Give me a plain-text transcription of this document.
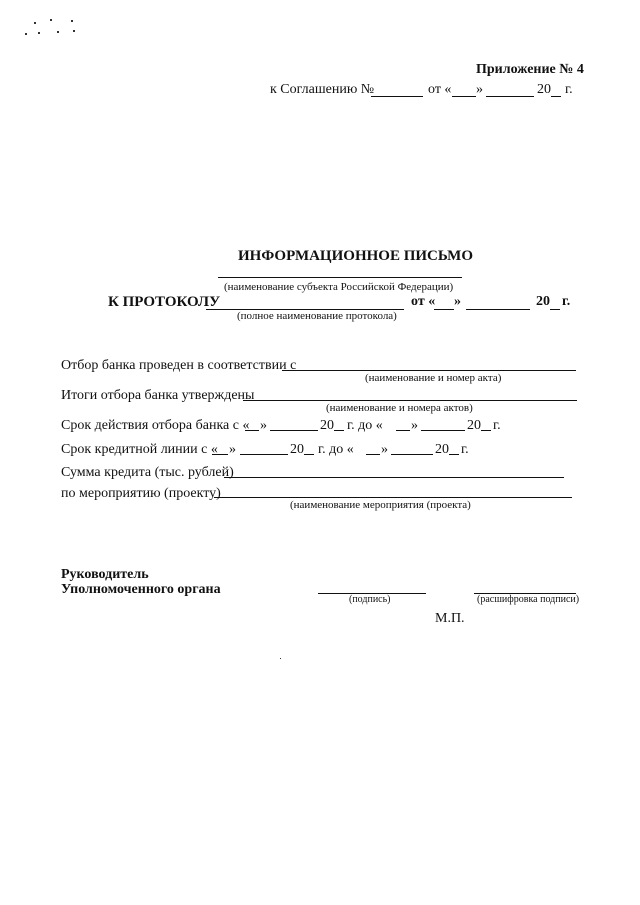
Приложение № 4
к Соглашению №	от « »	20 г.
ИНФОРМАЦИОННОЕ ПИСЬМО
(наименование субъекта Российской Федерации)
К ПРОТОКОЛУ	от « »	20 г.
(полное наименование протокола)
Отбор банка проведен в соответствии с
(наименование и номер акта)
Итоги отбора банка утверждены
(наименование и номера актов)
Срок действия отбора банка с « »	20 г. до « »	20 г.
Срок кредитной линии с « »	20 г. до « »	20 г.
Сумма кредита (тыс. рублей)
по мероприятию (проекту)
(наименование мероприятия (проекта)
Руководитель
Уполномоченного органа
(подпись)	(расшифровка подписи)
М.П.
